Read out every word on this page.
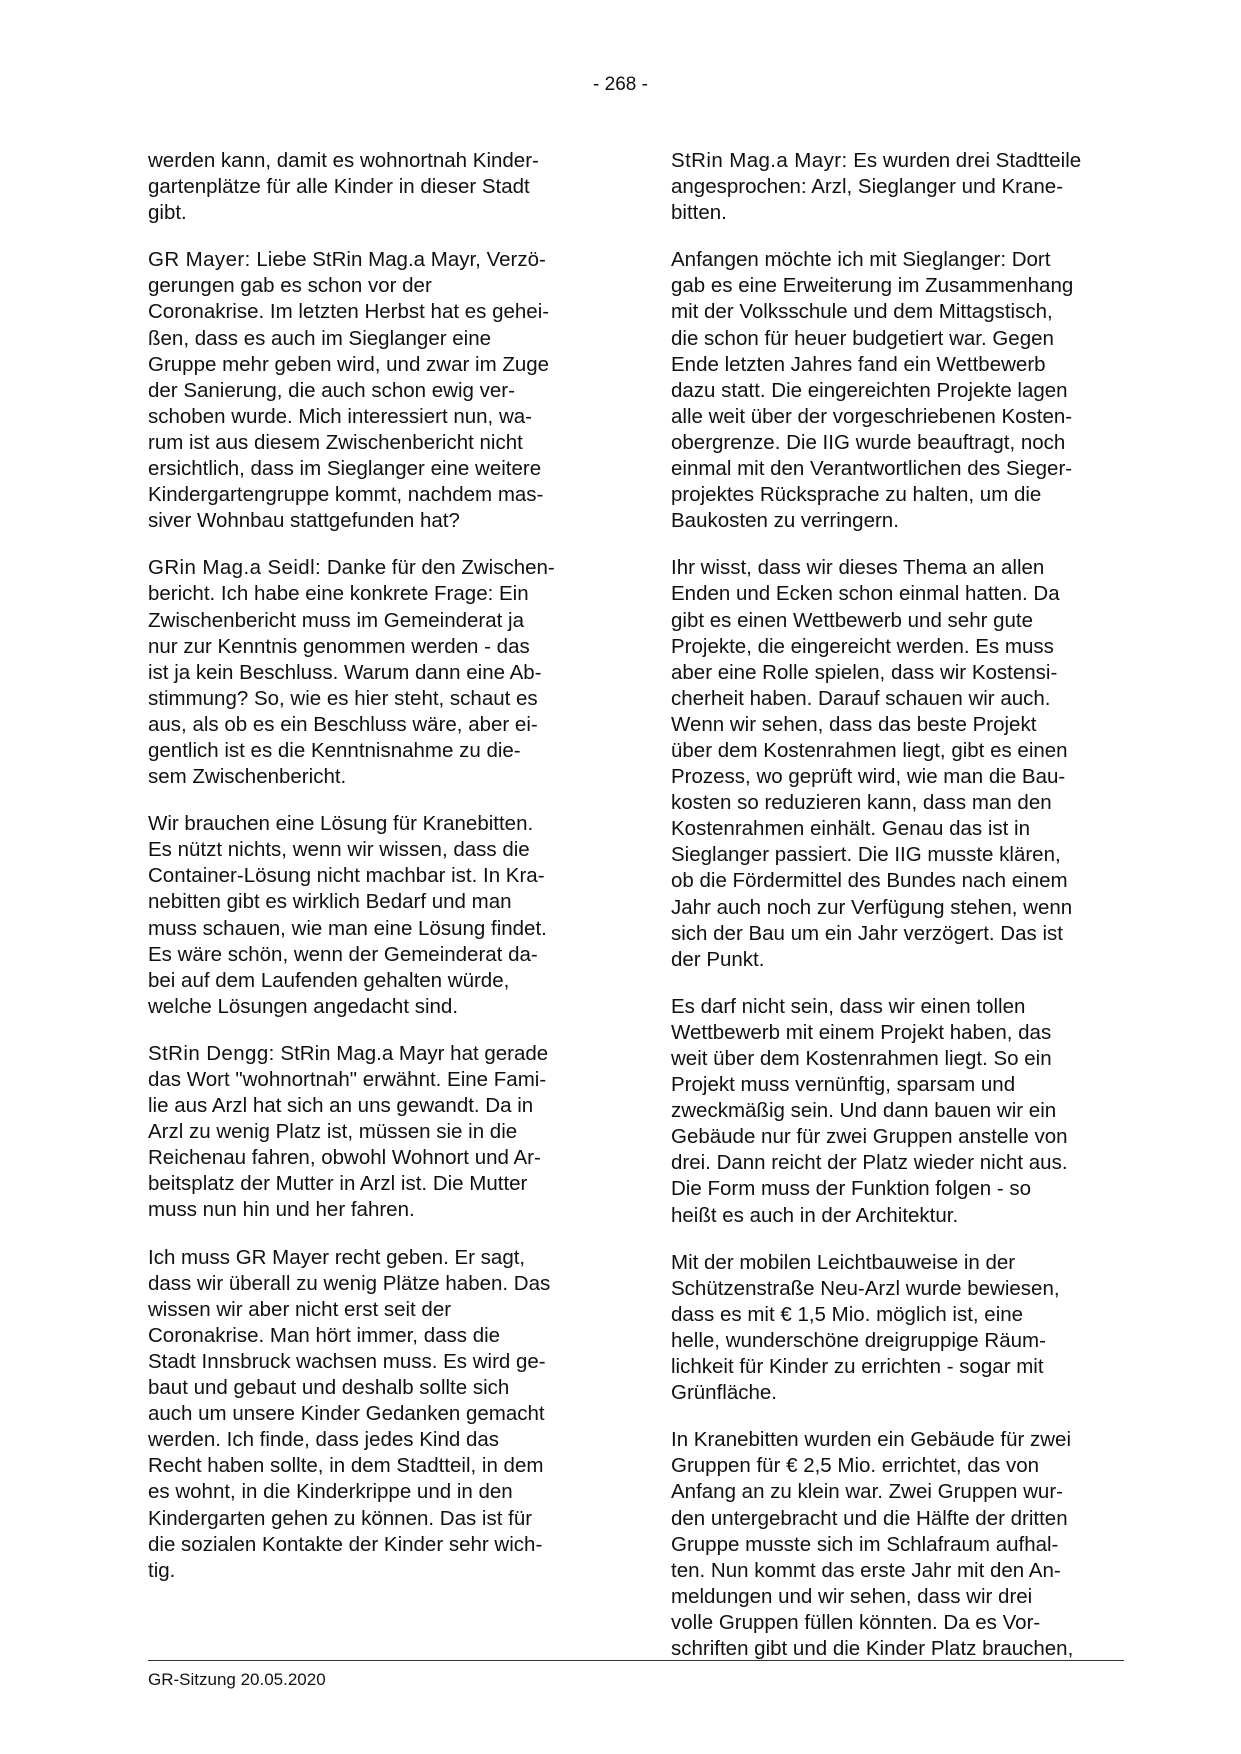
- 268 -

werden kann, damit es wohnortnah Kinder-
gartenplätze für alle Kinder in dieser Stadt
gibt.

GR Mayer: Liebe StRin Mag.a Mayr, Verzö-
gerungen gab es schon vor der
Coronakrise. Im letzten Herbst hat es gehei-
ßen, dass es auch im Sieglanger eine
Gruppe mehr geben wird, und zwar im Zuge
der Sanierung, die auch schon ewig ver-
schoben wurde. Mich interessiert nun, wa-
rum ist aus diesem Zwischenbericht nicht
ersichtlich, dass im Sieglanger eine weitere
Kindergartengruppe kommt, nachdem mas-
siver Wohnbau stattgefunden hat?

GRin Mag.a Seidl: Danke für den Zwischen-
bericht. Ich habe eine konkrete Frage: Ein
Zwischenbericht muss im Gemeinderat ja
nur zur Kenntnis genommen werden - das
ist ja kein Beschluss. Warum dann eine Ab-
stimmung? So, wie es hier steht, schaut es
aus, als ob es ein Beschluss wäre, aber ei-
gentlich ist es die Kenntnisnahme zu die-
sem Zwischenbericht.

Wir brauchen eine Lösung für Kranebitten.
Es nützt nichts, wenn wir wissen, dass die
Container-Lösung nicht machbar ist. In Kra-
nebitten gibt es wirklich Bedarf und man
muss schauen, wie man eine Lösung findet.
Es wäre schön, wenn der Gemeinderat da-
bei auf dem Laufenden gehalten würde,
welche Lösungen angedacht sind.

StRin Dengg: StRin Mag.a Mayr hat gerade
das Wort "wohnortnah" erwähnt. Eine Fami-
lie aus Arzl hat sich an uns gewandt. Da in
Arzl zu wenig Platz ist, müssen sie in die
Reichenau fahren, obwohl Wohnort und Ar-
beitsplatz der Mutter in Arzl ist. Die Mutter
muss nun hin und her fahren.

Ich muss GR Mayer recht geben. Er sagt,
dass wir überall zu wenig Plätze haben. Das
wissen wir aber nicht erst seit der
Coronakrise. Man hört immer, dass die
Stadt Innsbruck wachsen muss. Es wird ge-
baut und gebaut und deshalb sollte sich
auch um unsere Kinder Gedanken gemacht
werden. Ich finde, dass jedes Kind das
Recht haben sollte, in dem Stadtteil, in dem
es wohnt, in die Kinderkrippe und in den
Kindergarten gehen zu können. Das ist für
die sozialen Kontakte der Kinder sehr wich-
tig.

StRin Mag.a Mayr: Es wurden drei Stadtteile
angesprochen: Arzl, Sieglanger und Krane-
bitten.

Anfangen möchte ich mit Sieglanger: Dort
gab es eine Erweiterung im Zusammenhang
mit der Volksschule und dem Mittagstisch,
die schon für heuer budgetiert war. Gegen
Ende letzten Jahres fand ein Wettbewerb
dazu statt. Die eingereichten Projekte lagen
alle weit über der vorgeschriebenen Kosten-
obergrenze. Die IIG wurde beauftragt, noch
einmal mit den Verantwortlichen des Sieger-
projektes Rücksprache zu halten, um die
Baukosten zu verringern.

Ihr wisst, dass wir dieses Thema an allen
Enden und Ecken schon einmal hatten. Da
gibt es einen Wettbewerb und sehr gute
Projekte, die eingereicht werden. Es muss
aber eine Rolle spielen, dass wir Kostensi-
cherheit haben. Darauf schauen wir auch.
Wenn wir sehen, dass das beste Projekt
über dem Kostenrahmen liegt, gibt es einen
Prozess, wo geprüft wird, wie man die Bau-
kosten so reduzieren kann, dass man den
Kostenrahmen einhält. Genau das ist in
Sieglanger passiert. Die IIG musste klären,
ob die Fördermittel des Bundes nach einem
Jahr auch noch zur Verfügung stehen, wenn
sich der Bau um ein Jahr verzögert. Das ist
der Punkt.

Es darf nicht sein, dass wir einen tollen
Wettbewerb mit einem Projekt haben, das
weit über dem Kostenrahmen liegt. So ein
Projekt muss vernünftig, sparsam und
zweckmäßig sein. Und dann bauen wir ein
Gebäude nur für zwei Gruppen anstelle von
drei. Dann reicht der Platz wieder nicht aus.
Die Form muss der Funktion folgen - so
heißt es auch in der Architektur.

Mit der mobilen Leichtbauweise in der
Schützenstraße Neu-Arzl wurde bewiesen,
dass es mit € 1,5 Mio. möglich ist, eine
helle, wunderschöne dreigruppige Räum-
lichkeit für Kinder zu errichten - sogar mit
Grünfläche.

In Kranebitten wurden ein Gebäude für zwei
Gruppen für € 2,5 Mio. errichtet, das von
Anfang an zu klein war. Zwei Gruppen wur-
den untergebracht und die Hälfte der dritten
Gruppe musste sich im Schlafraum aufhal-
ten. Nun kommt das erste Jahr mit den An-
meldungen und wir sehen, dass wir drei
volle Gruppen füllen könnten. Da es Vor-
schriften gibt und die Kinder Platz brauchen,

GR-Sitzung 20.05.2020
